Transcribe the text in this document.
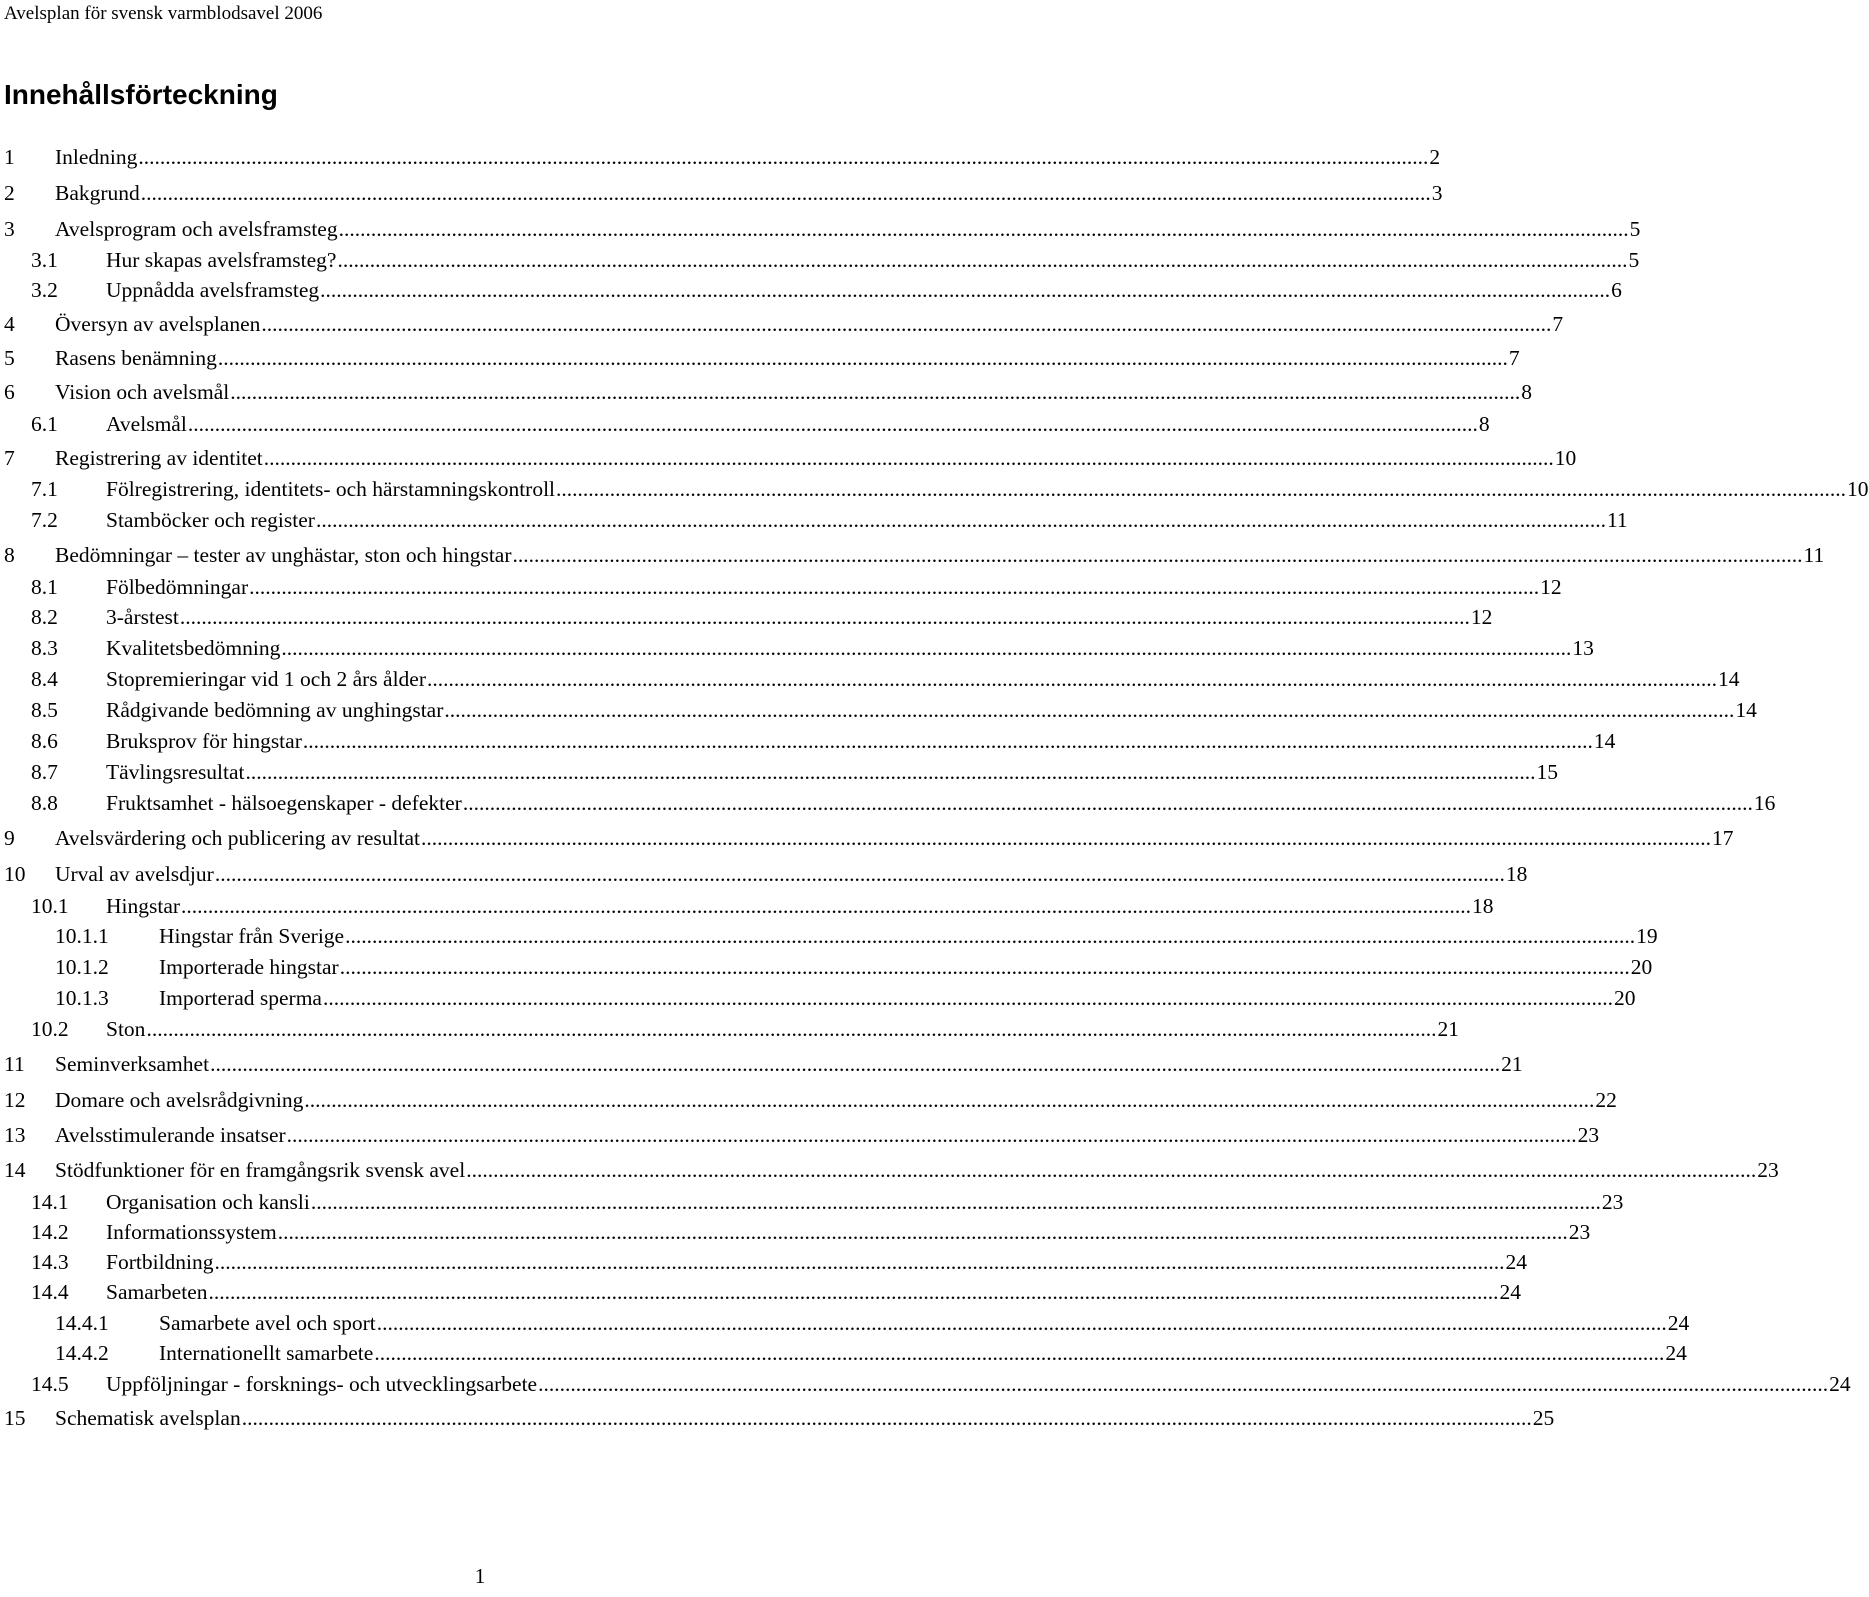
Avelsplan för svensk varmblodsavel 2006
Innehållsförteckning
1	Inledning ................................................................................................................................................................................................................................................ 2
2	Bakgrund ................................................................................................................................................................................................................................................ 3
3	Avelsprogram och avelsframsteg ................................................................................................................................................................................................................................................ 5
3.1	Hur skapas avelsframsteg? ................................................................................................................................................................................................................................................ 5
3.2	Uppnådda avelsframsteg ................................................................................................................................................................................................................................................ 6
4	Översyn av avelsplanen ................................................................................................................................................................................................................................................ 7
5	Rasens benämning ................................................................................................................................................................................................................................................ 7
6	Vision och avelsmål ................................................................................................................................................................................................................................................ 8
6.1	Avelsmål ................................................................................................................................................................................................................................................ 8
7	Registrering av identitet ................................................................................................................................................................................................................................................ 10
7.1	Fölregistrering, identitets- och härstamningskontroll ................................................................................................................................................................................................................................................ 10
7.2	Stamböcker och register ................................................................................................................................................................................................................................................ 11
8	Bedömningar – tester av unghästar, ston och hingstar ................................................................................................................................................................................................................................................ 11
8.1	Fölbedömningar ................................................................................................................................................................................................................................................ 12
8.2	3-årstest ................................................................................................................................................................................................................................................ 12
8.3	Kvalitetsbedömning ................................................................................................................................................................................................................................................ 13
8.4	Stopremieringar vid 1 och 2 års ålder ................................................................................................................................................................................................................................................ 14
8.5	Rådgivande bedömning av unghingstar ................................................................................................................................................................................................................................................ 14
8.6	Bruksprov för hingstar ................................................................................................................................................................................................................................................ 14
8.7	Tävlingsresultat ................................................................................................................................................................................................................................................ 15
8.8	Fruktsamhet - hälsoegenskaper - defekter ................................................................................................................................................................................................................................................ 16
9	Avelsvärdering och publicering av resultat ................................................................................................................................................................................................................................................ 17
10	Urval av avelsdjur ................................................................................................................................................................................................................................................ 18
10.1	Hingstar ................................................................................................................................................................................................................................................ 18
10.1.1	Hingstar från Sverige ................................................................................................................................................................................................................................................ 19
10.1.2	Importerade hingstar ................................................................................................................................................................................................................................................ 20
10.1.3	Importerad sperma ................................................................................................................................................................................................................................................ 20
10.2	Ston ................................................................................................................................................................................................................................................ 21
11	Seminverksamhet ................................................................................................................................................................................................................................................ 21
12	Domare och avelsrådgivning ................................................................................................................................................................................................................................................ 22
13	Avelsstimulerande insatser ................................................................................................................................................................................................................................................ 23
14	Stödfunktioner för en framgångsrik svensk avel ................................................................................................................................................................................................................................................ 23
14.1	Organisation och kansli ................................................................................................................................................................................................................................................ 23
14.2	Informationssystem ................................................................................................................................................................................................................................................ 23
14.3	Fortbildning ................................................................................................................................................................................................................................................ 24
14.4	Samarbeten ................................................................................................................................................................................................................................................ 24
14.4.1	Samarbete avel och sport ................................................................................................................................................................................................................................................ 24
14.4.2	Internationellt samarbete ................................................................................................................................................................................................................................................ 24
14.5	Uppföljningar - forsknings- och utvecklingsarbete ................................................................................................................................................................................................................................................ 24
15	Schematisk avelsplan ................................................................................................................................................................................................................................................ 25
1
